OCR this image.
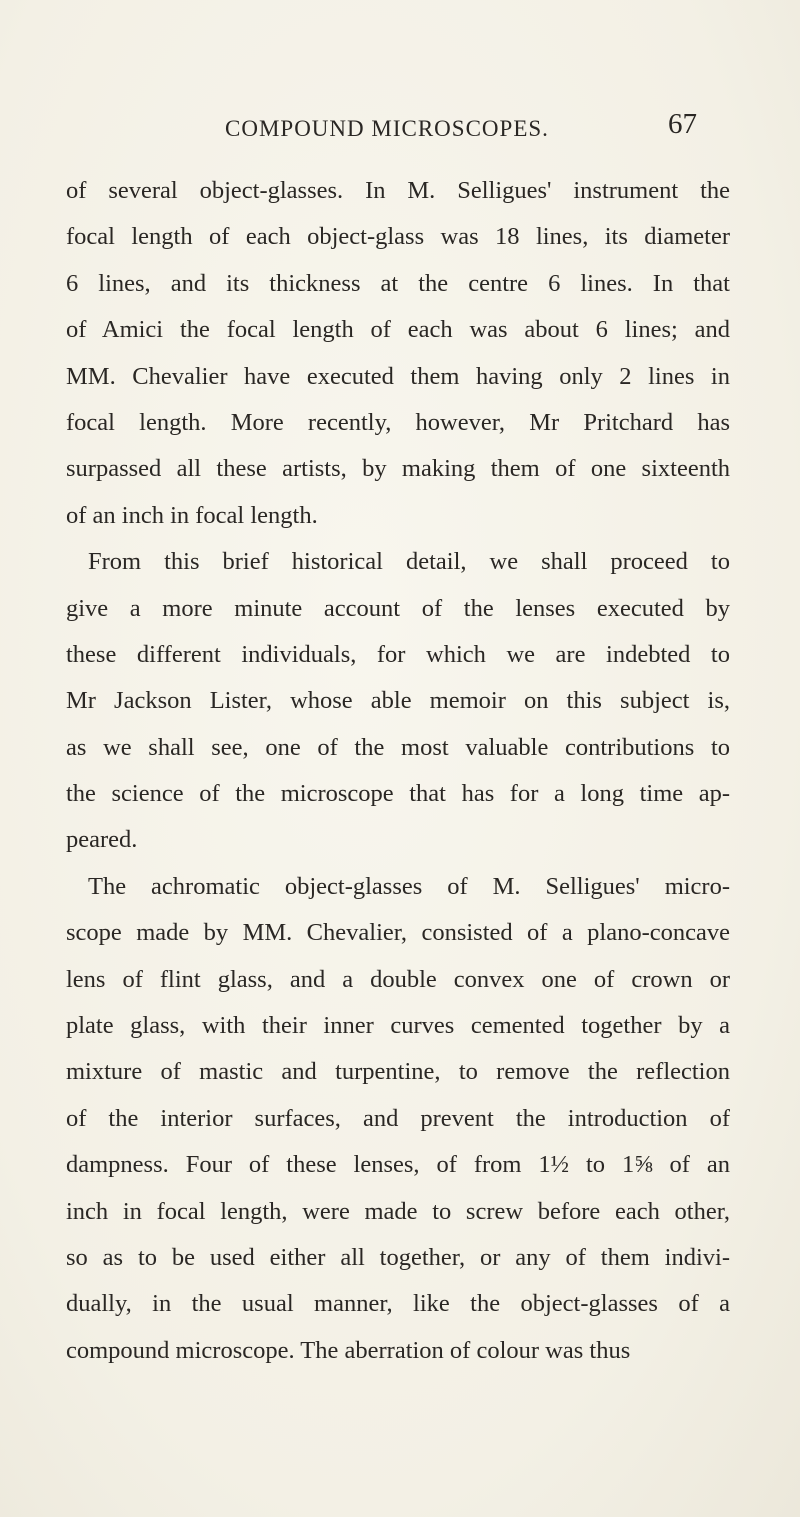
COMPOUND MICROSCOPES.	67
of several object-glasses. In M. Selligues' instrument the
focal length of each object-glass was 18 lines, its diameter
6 lines, and its thickness at the centre 6 lines. In that
of Amici the focal length of each was about 6 lines; and
MM. Chevalier have executed them having only 2 lines in
focal length. More recently, however, Mr Pritchard has
surpassed all these artists, by making them of one sixteenth
of an inch in focal length.
From this brief historical detail, we shall proceed to
give a more minute account of the lenses executed by
these different individuals, for which we are indebted to
Mr Jackson Lister, whose able memoir on this subject is,
as we shall see, one of the most valuable contributions to
the science of the microscope that has for a long time ap-
peared.
The achromatic object-glasses of M. Selligues' micro-
scope made by MM. Chevalier, consisted of a plano-concave
lens of flint glass, and a double convex one of crown or
plate glass, with their inner curves cemented together by a
mixture of mastic and turpentine, to remove the reflection
of the interior surfaces, and prevent the introduction of
dampness. Four of these lenses, of from 1½ to 1⅝ of an
inch in focal length, were made to screw before each other,
so as to be used either all together, or any of them indivi-
dually, in the usual manner, like the object-glasses of a
compound microscope. The aberration of colour was thus
